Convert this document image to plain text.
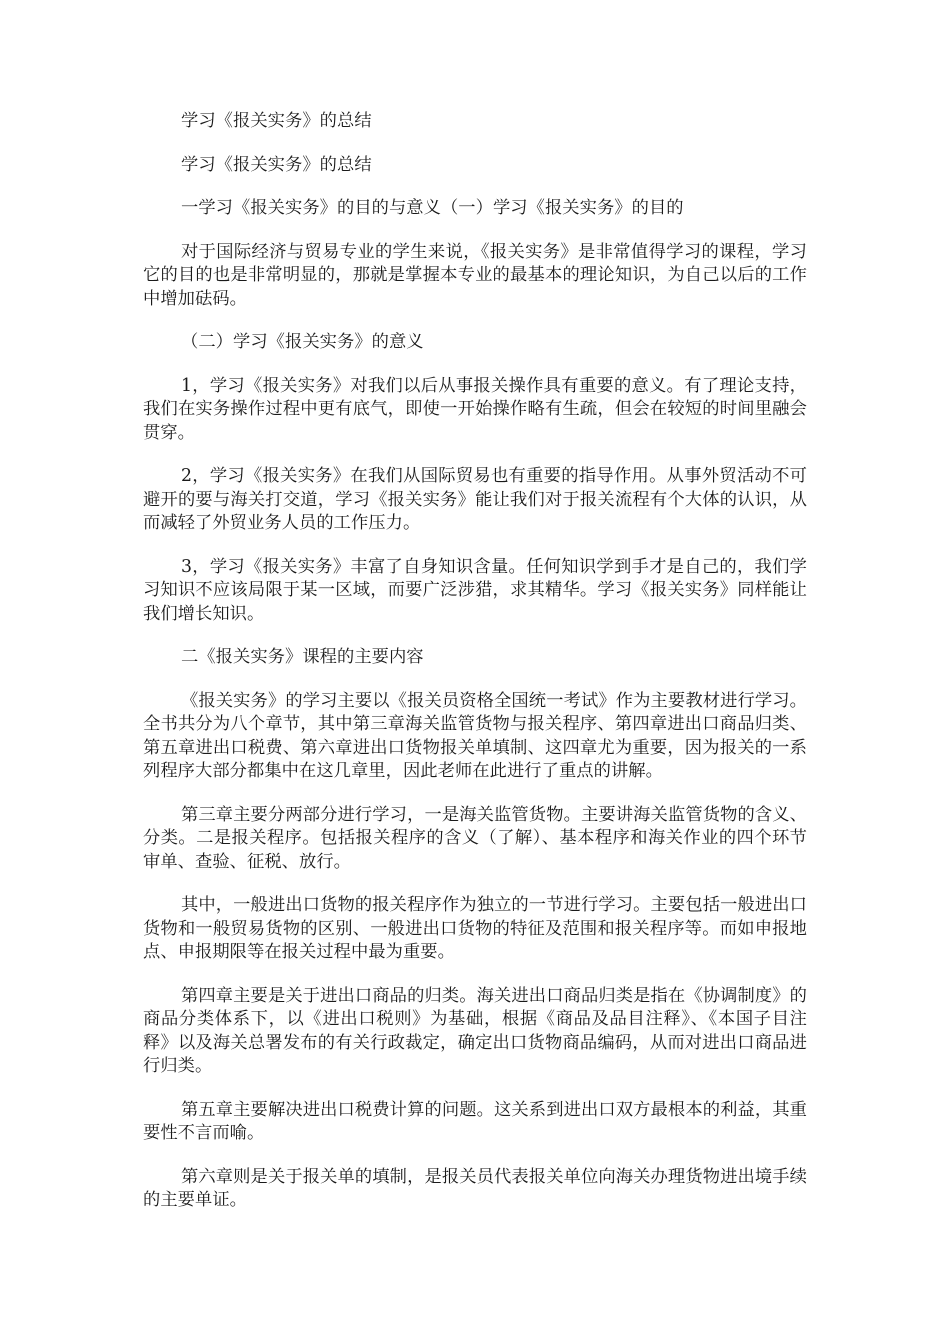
学习《报关实务》的总结

学习《报关实务》的总结

一学习《报关实务》的目的与意义（一）学习《报关实务》的目的

对于国际经济与贸易专业的学生来说，《报关实务》是非常值得学习的课程，学习它的目的也是非常明显的，那就是掌握本专业的最基本的理论知识，为自己以后的工作中增加砝码。

（二）学习《报关实务》的意义

1，学习《报关实务》对我们以后从事报关操作具有重要的意义。有了理论支持，我们在实务操作过程中更有底气，即使一开始操作略有生疏，但会在较短的时间里融会贯穿。

2，学习《报关实务》在我们从国际贸易也有重要的指导作用。从事外贸活动不可避开的要与海关打交道，学习《报关实务》能让我们对于报关流程有个大体的认识，从而减轻了外贸业务人员的工作压力。

3，学习《报关实务》丰富了自身知识含量。任何知识学到手才是自己的，我们学习知识不应该局限于某一区域，而要广泛涉猎，求其精华。学习《报关实务》同样能让我们增长知识。

二《报关实务》课程的主要内容

《报关实务》的学习主要以《报关员资格全国统一考试》作为主要教材进行学习。全书共分为八个章节，其中第三章海关监管货物与报关程序、第四章进出口商品归类、第五章进出口税费、第六章进出口货物报关单填制、这四章尤为重要，因为报关的一系列程序大部分都集中在这几章里，因此老师在此进行了重点的讲解。

第三章主要分两部分进行学习，一是海关监管货物。主要讲海关监管货物的含义、分类。二是报关程序。包括报关程序的含义（了解）、基本程序和海关作业的四个环节审单、查验、征税、放行。

其中，一般进出口货物的报关程序作为独立的一节进行学习。主要包括一般进出口货物和一般贸易货物的区别、一般进出口货物的特征及范围和报关程序等。而如申报地点、申报期限等在报关过程中最为重要。

第四章主要是关于进出口商品的归类。海关进出口商品归类是指在《协调制度》的商品分类体系下，以《进出口税则》为基础，根据《商品及品目注释》、《本国子目注释》以及海关总署发布的有关行政裁定，确定出口货物商品编码，从而对进出口商品进行归类。

第五章主要解决进出口税费计算的问题。这关系到进出口双方最根本的利益，其重要性不言而喻。

第六章则是关于报关单的填制，是报关员代表报关单位向海关办理货物进出境手续的主要单证。
